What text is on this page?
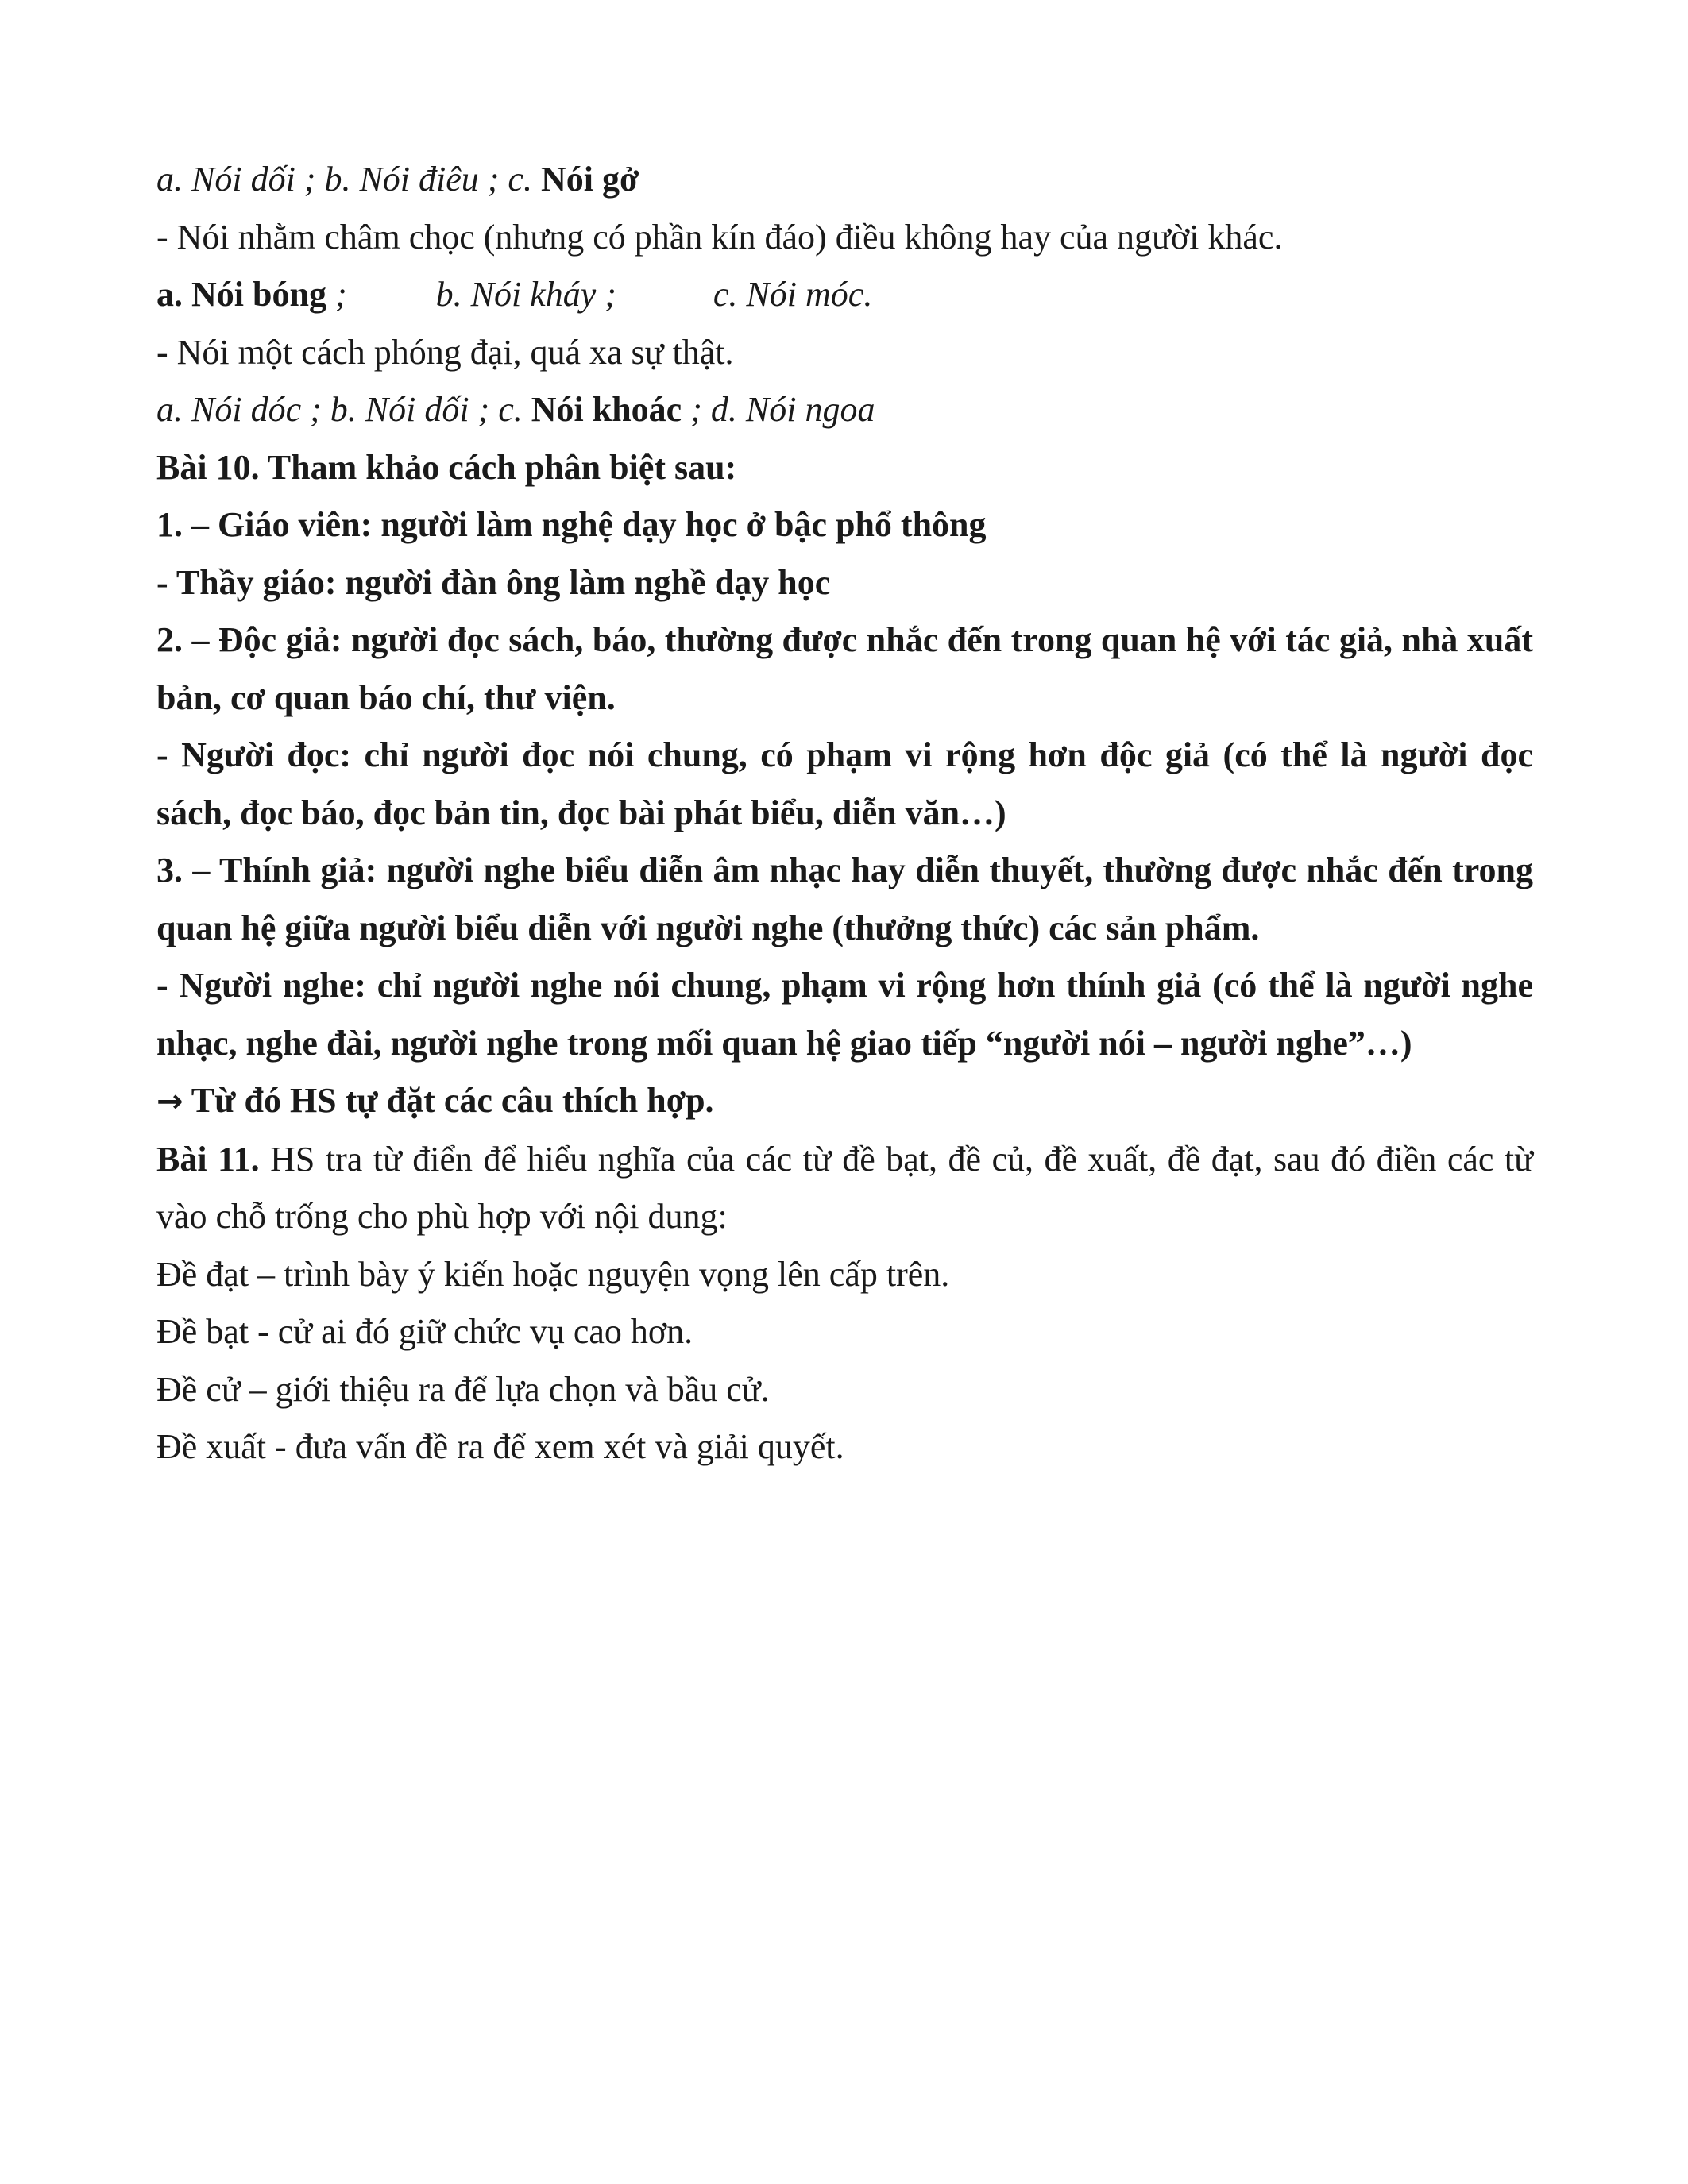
a. Nói dối ; b. Nói điêu ; c. Nói gở
- Nói nhằm châm chọc (nhưng có phần kín đáo) điều không hay của người khác.
a. Nói bóng ;	b. Nói kháy ;	c. Nói móc.
- Nói một cách phóng đại, quá xa sự thật.
a. Nói dóc ; b. Nói dối ; c. Nói khoác ; d. Nói ngoa
Bài 10. Tham khảo cách phân biệt sau:
1. – Giáo viên: người làm nghệ dạy học ở bậc phổ thông
- Thầy giáo: người đàn ông làm nghề dạy học
2. – Độc giả: người đọc sách, báo, thường được nhắc đến trong quan hệ với tác giả, nhà xuất bản, cơ quan báo chí, thư viện.
- Người đọc: chỉ người đọc nói chung, có phạm vi rộng hơn độc giả (có thể là người đọc sách, đọc báo, đọc bản tin, đọc bài phát biểu, diễn văn…)
3. – Thính giả: người nghe biểu diễn âm nhạc hay diễn thuyết, thường được nhắc đến trong quan hệ giữa người biểu diễn với người nghe (thưởng thức) các sản phẩm.
- Người nghe: chỉ người nghe nói chung, phạm vi rộng hơn thính giả (có thể là người nghe nhạc, nghe đài, người nghe trong mối quan hệ giao tiếp “người nói – người nghe”…)
→ Từ đó HS tự đặt các câu thích hợp.
Bài 11. HS tra từ điển để hiểu nghĩa của các từ đề bạt, đề củ, đề xuất, đề đạt, sau đó điền các từ vào chỗ trống cho phù hợp với nội dung:
Đề đạt – trình bày ý kiến hoặc nguyện vọng lên cấp trên.
Đề bạt - cử ai đó giữ chức vụ cao hơn.
Đề cử – giới thiệu ra để lựa chọn và bầu cử.
Đề xuất - đưa vấn đề ra để xem xét và giải quyết.
